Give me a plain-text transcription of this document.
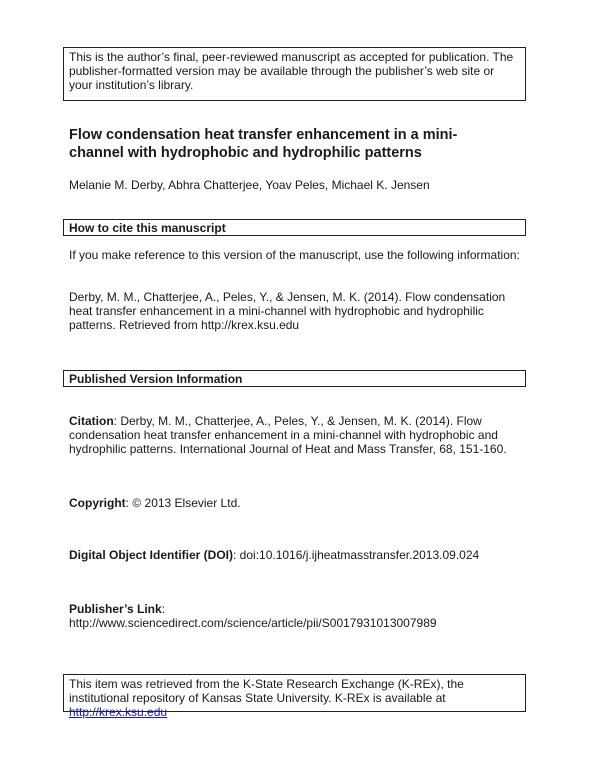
This is the author’s final, peer-reviewed manuscript as accepted for publication. The publisher-formatted version may be available through the publisher’s web site or your institution’s library.
Flow condensation heat transfer enhancement in a mini-channel with hydrophobic and hydrophilic patterns
Melanie M. Derby, Abhra Chatterjee, Yoav Peles, Michael K. Jensen
How to cite this manuscript
If you make reference to this version of the manuscript, use the following information:
Derby, M. M., Chatterjee, A., Peles, Y., & Jensen, M. K. (2014). Flow condensation heat transfer enhancement in a mini-channel with hydrophobic and hydrophilic patterns. Retrieved from http://krex.ksu.edu
Published Version Information
Citation: Derby, M. M., Chatterjee, A., Peles, Y., & Jensen, M. K. (2014). Flow condensation heat transfer enhancement in a mini-channel with hydrophobic and hydrophilic patterns. International Journal of Heat and Mass Transfer, 68, 151-160.
Copyright: © 2013 Elsevier Ltd.
Digital Object Identifier (DOI): doi:10.1016/j.ijheatmasstransfer.2013.09.024
Publisher’s Link: http://www.sciencedirect.com/science/article/pii/S0017931013007989
This item was retrieved from the K-State Research Exchange (K-REx), the institutional repository of Kansas State University. K-REx is available at http://krex.ksu.edu
